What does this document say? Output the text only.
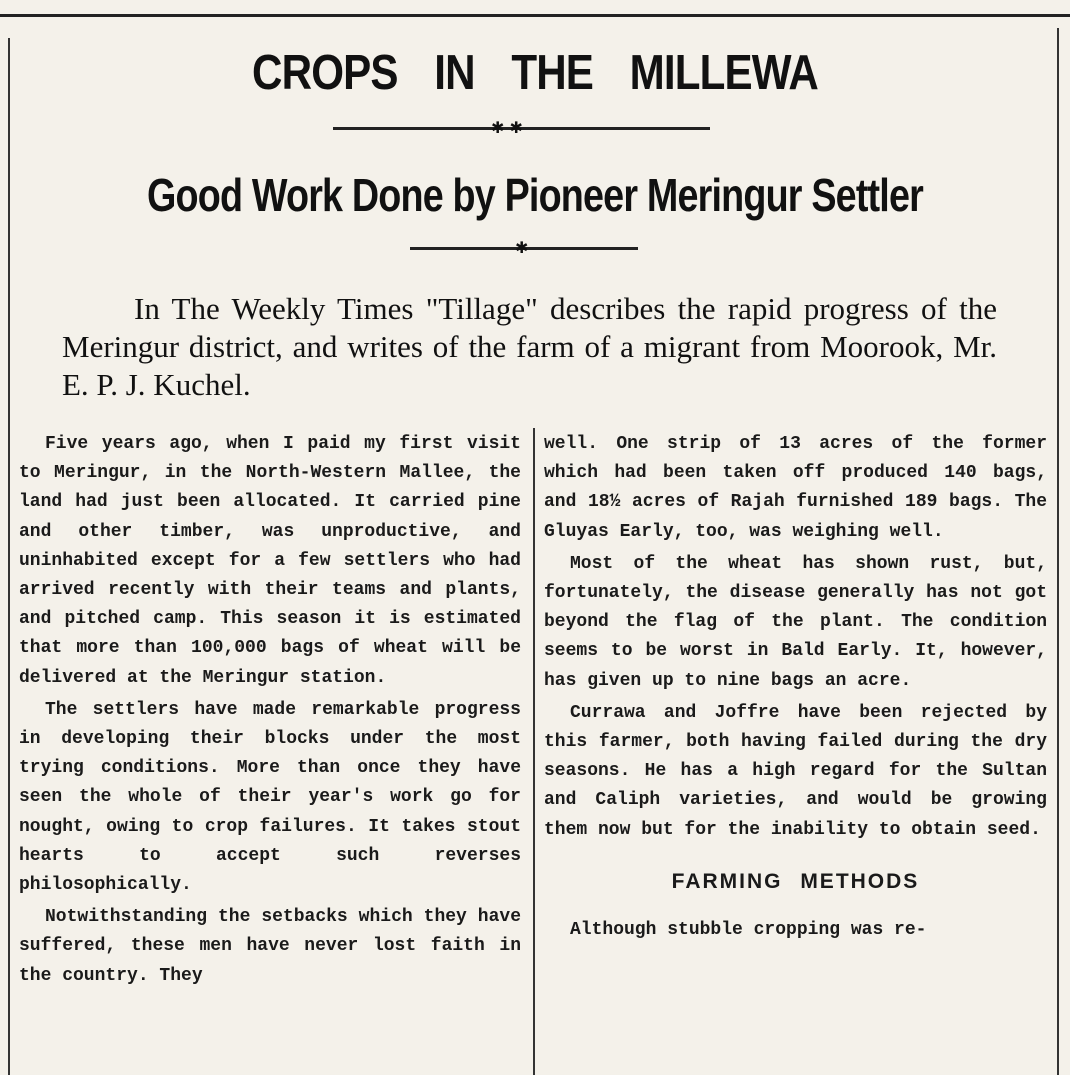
CROPS IN THE MILLEWA
✱ ✱
Good Work Done by Pioneer Meringur Settler
✱

In The Weekly Times "Tillage" describes the rapid progress of the Meringur district, and writes of the farm of a migrant from Moorook, Mr. E. P. J. Kuchel.

Five years ago, when I paid my first visit to Meringur, in the North-Western Mallee, the land had just been allocated. It carried pine and other timber, was unproductive, and uninhabited except for a few settlers who had arrived recently with their teams and plants, and pitched camp. This season it is estimated that more than 100,000 bags of wheat will be delivered at the Meringur station.

The settlers have made remarkable progress in developing their blocks under the most trying conditions. More than once they have seen the whole of their year's work go for nought, owing to crop failures. It takes stout hearts to accept such reverses philosophically.

Notwithstanding the setbacks which they have suffered, these men have never lost faith in the country. They

well. One strip of 13 acres of the former which had been taken off produced 140 bags, and 18½ acres of Rajah furnished 189 bags. The Gluyas Early, too, was weighing well.

Most of the wheat has shown rust, but, fortunately, the disease generally has not got beyond the flag of the plant. The condition seems to be worst in Bald Early. It, however, has given up to nine bags an acre.

Currawa and Joffre have been rejected by this farmer, both having failed during the dry seasons. He has a high regard for the Sultan and Caliph varieties, and would be growing them now but for the inability to obtain seed.

FARMING METHODS

Although stubble cropping was re-
